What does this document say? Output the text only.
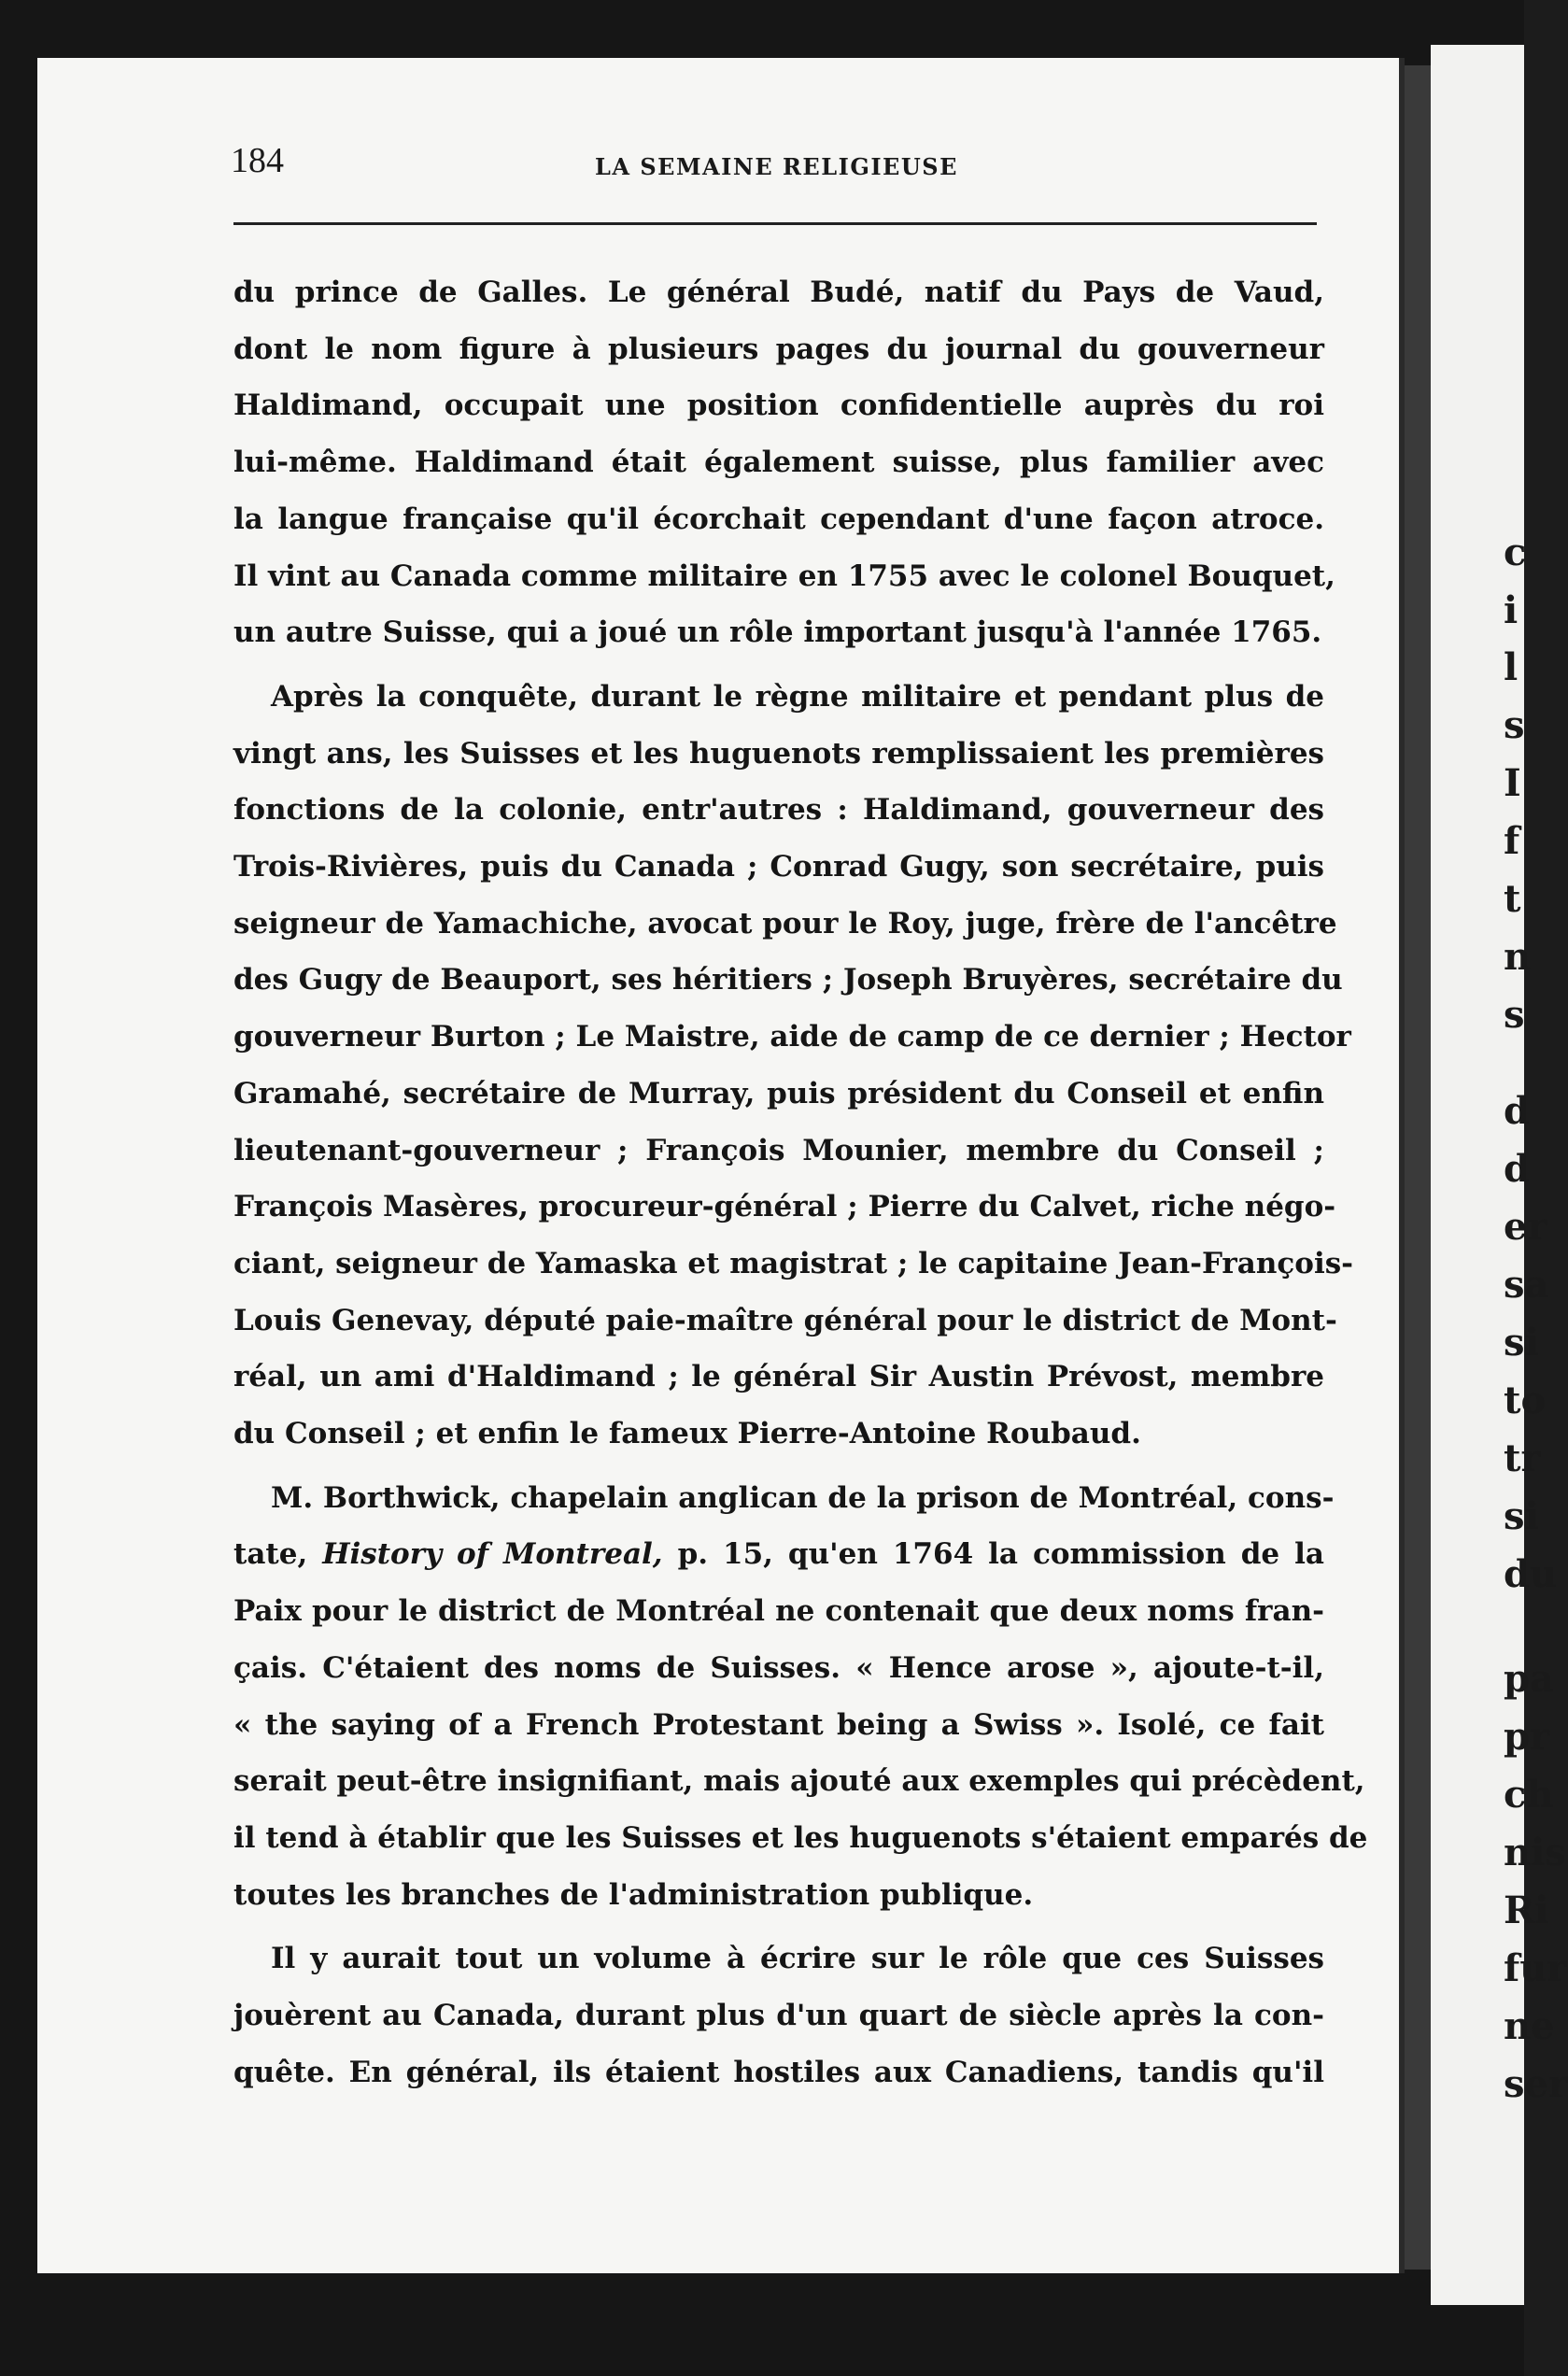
c
i
l
s
I
f
t
n
s
d
d
er
sa
si
to
tr
si
du
pa
pr
ch
nis
Ri
fur
ne
ser
184	LA SEMAINE RELIGIEUSE
du prince de Galles. Le général Budé, natif du Pays de Vaud,
dont le nom figure à plusieurs pages du journal du gouverneur
Haldimand, occupait une position confidentielle auprès du roi
lui-même. Haldimand était également suisse, plus familier avec
la langue française qu'il écorchait cependant d'une façon atroce.
Il vint au Canada comme militaire en 1755 avec le colonel Bouquet,
un autre Suisse, qui a joué un rôle important jusqu'à l'année 1765.
Après la conquête, durant le règne militaire et pendant plus de
vingt ans, les Suisses et les huguenots remplissaient les premières
fonctions de la colonie, entr'autres : Haldimand, gouverneur des
Trois-Rivières, puis du Canada ; Conrad Gugy, son secrétaire, puis
seigneur de Yamachiche, avocat pour le Roy, juge, frère de l'ancêtre
des Gugy de Beauport, ses héritiers ; Joseph Bruyères, secrétaire du
gouverneur Burton ; Le Maistre, aide de camp de ce dernier ; Hector
Gramahé, secrétaire de Murray, puis président du Conseil et enfin
lieutenant-gouverneur ; François Mounier, membre du Conseil ;
François Masères, procureur-général ; Pierre du Calvet, riche négo-
ciant, seigneur de Yamaska et magistrat ; le capitaine Jean-François-
Louis Genevay, député paie-maître général pour le district de Mont-
réal, un ami d'Haldimand ; le général Sir Austin Prévost, membre
du Conseil ; et enfin le fameux Pierre-Antoine Roubaud.
M. Borthwick, chapelain anglican de la prison de Montréal, cons-
tate, History of Montreal, p. 15, qu'en 1764 la commission de la
Paix pour le district de Montréal ne contenait que deux noms fran-
çais. C'étaient des noms de Suisses. « Hence arose », ajoute-t-il,
« the saying of a French Protestant being a Swiss ». Isolé, ce fait
serait peut-être insignifiant, mais ajouté aux exemples qui précèdent,
il tend à établir que les Suisses et les huguenots s'étaient emparés de
toutes les branches de l'administration publique.
Il y aurait tout un volume à écrire sur le rôle que ces Suisses
jouèrent au Canada, durant plus d'un quart de siècle après la con-
quête. En général, ils étaient hostiles aux Canadiens, tandis qu'il
